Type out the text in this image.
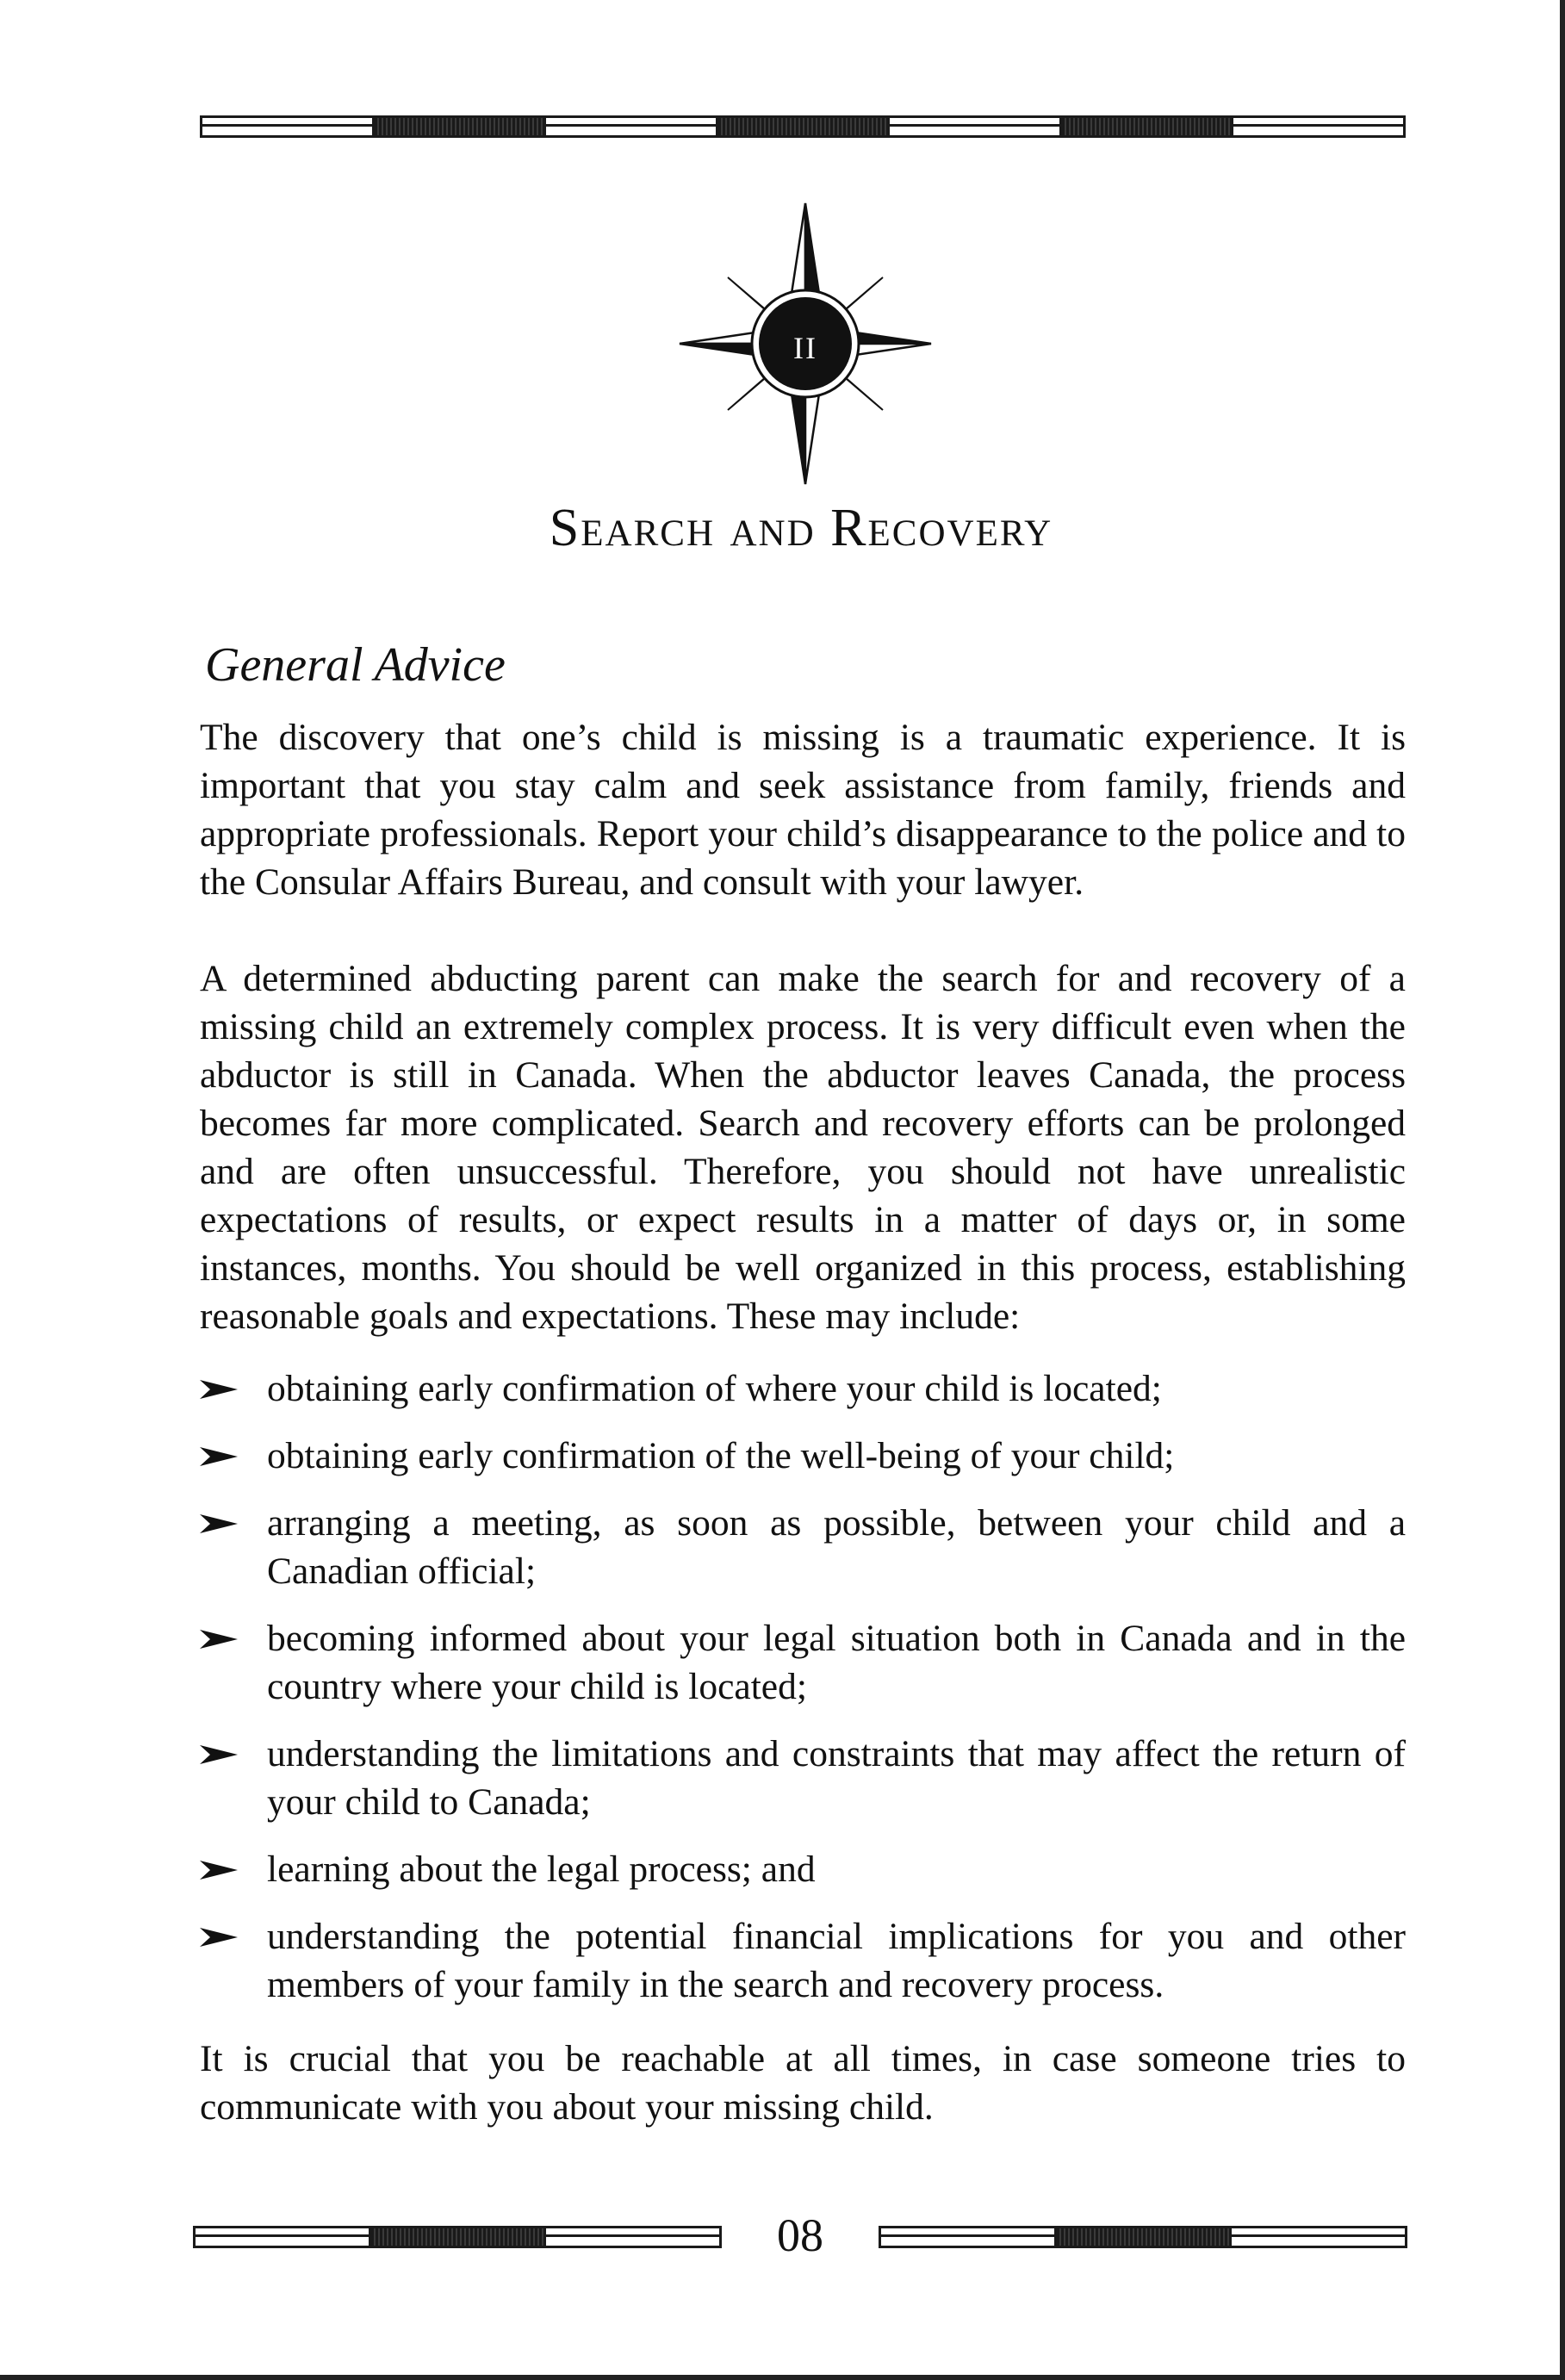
II
Search and Recovery
General Advice

The discovery that one’s child is missing is a traumatic experience. It is important that you stay calm and seek assistance from family, friends and appropriate professionals. Report your child’s disappearance to the police and to the Consular Affairs Bureau, and consult with your lawyer.

A determined abducting parent can make the search for and recovery of a missing child an extremely complex process. It is very difficult even when the abductor is still in Canada. When the abductor leaves Canada, the process becomes far more complicated. Search and recovery efforts can be prolonged and are often unsuccessful. Therefore, you should not have unrealistic expectations of results, or expect results in a matter of days or, in some instances, months. You should be well organized in this process, establishing reasonable goals and expectations. These may include:

obtaining early confirmation of where your child is located;
obtaining early confirmation of the well-being of your child;
arranging a meeting, as soon as possible, between your child and a Canadian official;
becoming informed about your legal situation both in Canada and in the country where your child is located;
understanding the limitations and constraints that may affect the return of your child to Canada;
learning about the legal process; and
understanding the potential financial implications for you and other members of your family in the search and recovery process.

It is crucial that you be reachable at all times, in case someone tries to communicate with you about your missing child.

08
